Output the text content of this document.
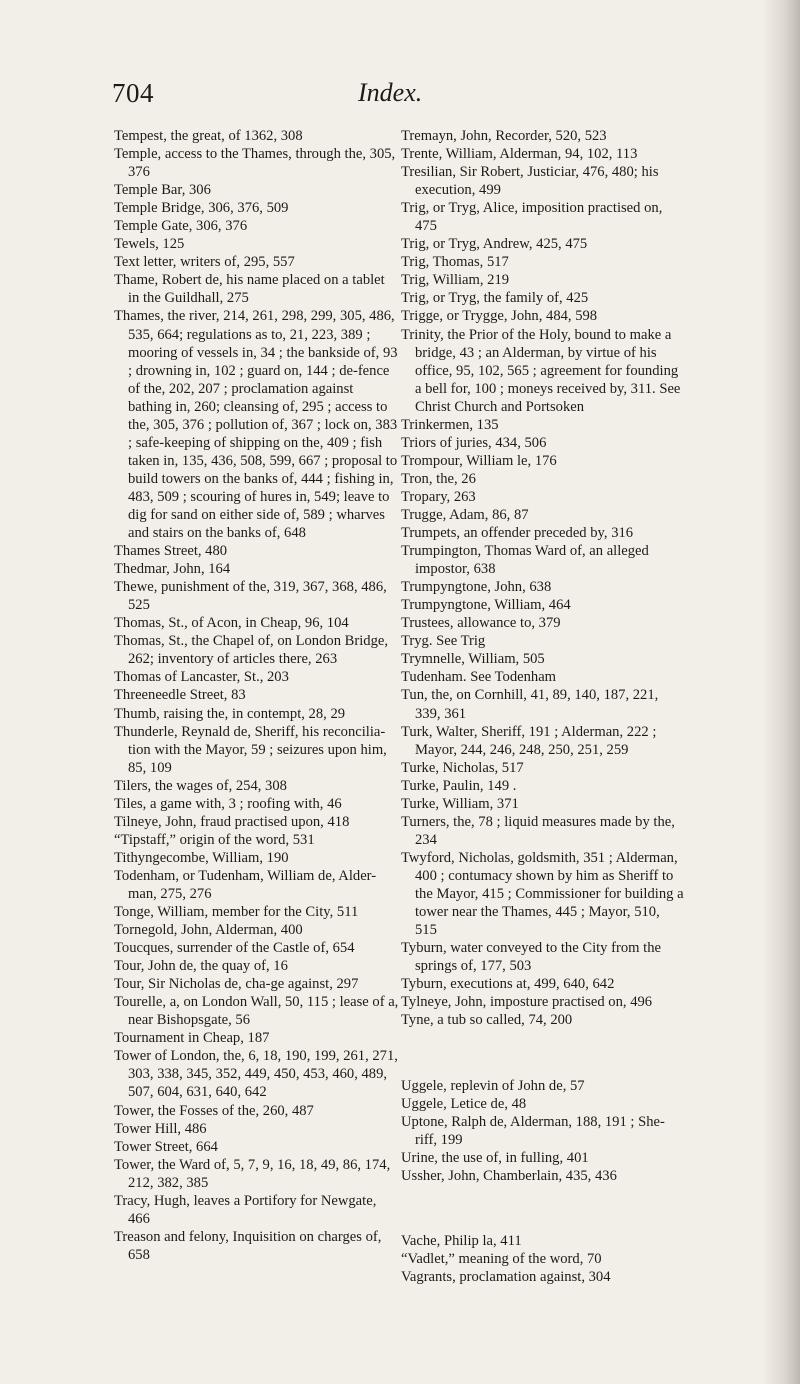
704	Index.

Tempest, the great, of 1362, 308

Temple, access to the Thames, through the, 305, 376

Temple Bar, 306

Temple Bridge, 306, 376, 509

Temple Gate, 306, 376

Tewels, 125

Text letter, writers of, 295, 557

Thame, Robert de, his name placed on a tablet in the Guildhall, 275

Thames, the river, 214, 261, 298, 299, 305, 486, 535, 664; regulations as to, 21, 223, 389 ; mooring of vessels in, 34 ; the bankside of, 93 ; drowning in, 102 ; guard on, 144 ; de-fence of the, 202, 207 ; proclamation against bathing in, 260; cleansing of, 295 ; access to the, 305, 376 ; pollution of, 367 ; lock on, 383 ; safe-keeping of shipping on the, 409 ; fish taken in, 135, 436, 508, 599, 667 ; proposal to build towers on the banks of, 444 ; fishing in, 483, 509 ; scouring of hures in, 549; leave to dig for sand on either side of, 589 ; wharves and stairs on the banks of, 648

Thames Street, 480

Thedmar, John, 164

Thewe, punishment of the, 319, 367, 368, 486, 525

Thomas, St., of Acon, in Cheap, 96, 104

Thomas, St., the Chapel of, on London Bridge, 262; inventory of articles there, 263

Thomas of Lancaster, St., 203

Threeneedle Street, 83

Thumb, raising the, in contempt, 28, 29

Thunderle, Reynald de, Sheriff, his reconcilia-tion with the Mayor, 59 ; seizures upon him, 85, 109

Tilers, the wages of, 254, 308

Tiles, a game with, 3 ; roofing with, 46

Tilneye, John, fraud practised upon, 418

“Tipstaff,” origin of the word, 531

Tithyngecombe, William, 190

Todenham, or Tudenham, William de, Alder-man, 275, 276

Tonge, William, member for the City, 511

Tornegold, John, Alderman, 400

Toucques, surrender of the Castle of, 654

Tour, John de, the quay of, 16

Tour, Sir Nicholas de, cha-ge against, 297

Tourelle, a, on London Wall, 50, 115 ; lease of a, near Bishopsgate, 56

Tournament in Cheap, 187

Tower of London, the, 6, 18, 190, 199, 261, 271, 303, 338, 345, 352, 449, 450, 453, 460, 489, 507, 604, 631, 640, 642

Tower, the Fosses of the, 260, 487

Tower Hill, 486

Tower Street, 664

Tower, the Ward of, 5, 7, 9, 16, 18, 49, 86, 174, 212, 382, 385

Tracy, Hugh, leaves a Portifory for Newgate, 466

Treason and felony, Inquisition on charges of, 658

Tremayn, John, Recorder, 520, 523

Trente, William, Alderman, 94, 102, 113

Tresilian, Sir Robert, Justiciar, 476, 480; his execution, 499

Trig, or Tryg, Alice, imposition practised on, 475

Trig, or Tryg, Andrew, 425, 475

Trig, Thomas, 517

Trig, William, 219

Trig, or Tryg, the family of, 425

Trigge, or Trygge, John, 484, 598

Trinity, the Prior of the Holy, bound to make a bridge, 43 ; an Alderman, by virtue of his office, 95, 102, 565 ; agreement for founding a bell for, 100 ; moneys received by, 311. See Christ Church and Portsoken

Trinkermen, 135

Triors of juries, 434, 506

Trompour, William le, 176

Tron, the, 26

Tropary, 263

Trugge, Adam, 86, 87

Trumpets, an offender preceded by, 316

Trumpington, Thomas Ward of, an alleged impostor, 638

Trumpyngtone, John, 638

Trumpyngtone, William, 464

Trustees, allowance to, 379

Tryg. See Trig

Trymnelle, William, 505

Tudenham. See Todenham

Tun, the, on Cornhill, 41, 89, 140, 187, 221, 339, 361

Turk, Walter, Sheriff, 191 ; Alderman, 222 ; Mayor, 244, 246, 248, 250, 251, 259

Turke, Nicholas, 517

Turke, Paulin, 149 .

Turke, William, 371

Turners, the, 78 ; liquid measures made by the, 234

Twyford, Nicholas, goldsmith, 351 ; Alderman, 400 ; contumacy shown by him as Sheriff to the Mayor, 415 ; Commissioner for building a tower near the Thames, 445 ; Mayor, 510, 515

Tyburn, water conveyed to the City from the springs of, 177, 503

Tyburn, executions at, 499, 640, 642

Tylneye, John, imposture practised on, 496

Tyne, a tub so called, 74, 200

Uggele, replevin of John de, 57

Uggele, Letice de, 48

Uptone, Ralph de, Alderman, 188, 191 ; She-riff, 199

Urine, the use of, in fulling, 401

Ussher, John, Chamberlain, 435, 436

Vache, Philip la, 411

“Vadlet,” meaning of the word, 70

Vagrants, proclamation against, 304
